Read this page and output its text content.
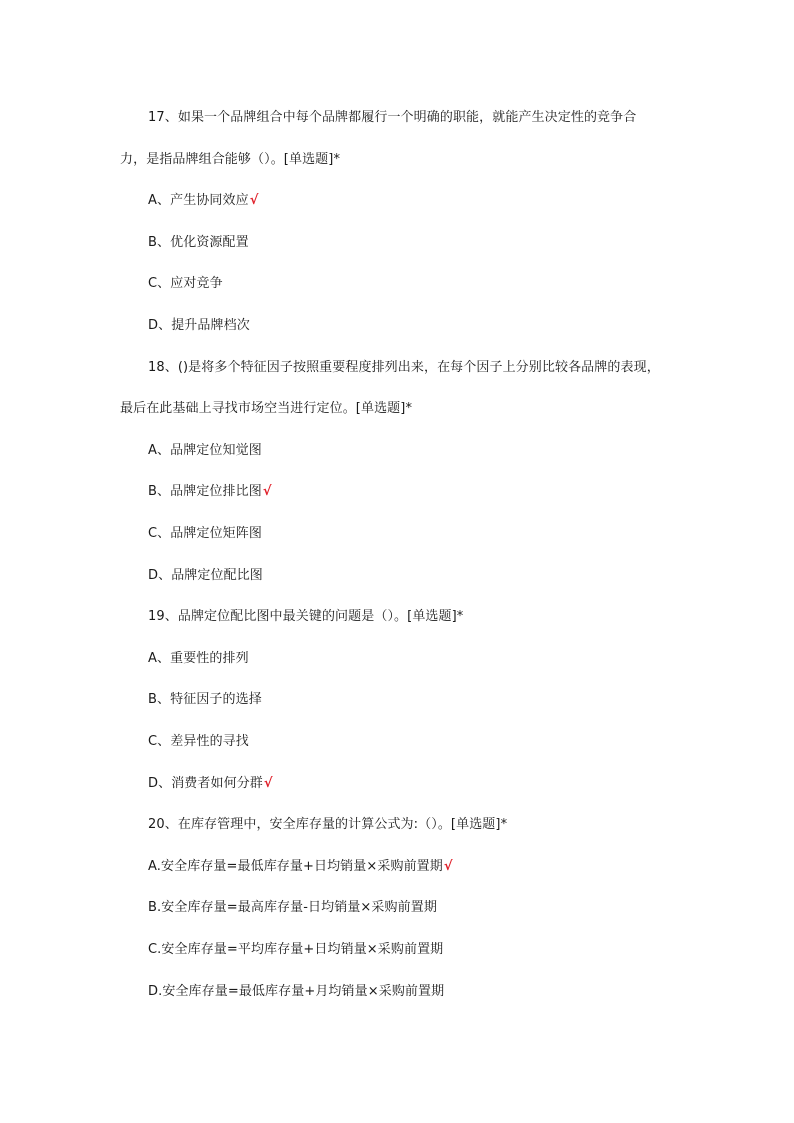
17、如果一个品牌组合中每个品牌都履行一个明确的职能，就能产生决定性的竞争合
力，是指品牌组合能够（）。[单选题]*
A、产生协同效应√
B、优化资源配置
C、应对竞争
D、提升品牌档次
18、()是将多个特征因子按照重要程度排列出来，在每个因子上分别比较各品牌的表现，
最后在此基础上寻找市场空当进行定位。[单选题]*
A、品牌定位知觉图
B、品牌定位排比图√
C、品牌定位矩阵图
D、品牌定位配比图
19、品牌定位配比图中最关键的问题是（）。[单选题]*
A、重要性的排列
B、特征因子的选择
C、差异性的寻找
D、消费者如何分群√
20、在库存管理中，安全库存量的计算公式为:（）。[单选题]*
A.安全库存量=最低库存量+日均销量×采购前置期√
B.安全库存量=最高库存量-日均销量×采购前置期
C.安全库存量=平均库存量+日均销量×采购前置期
D.安全库存量=最低库存量+月均销量×采购前置期
